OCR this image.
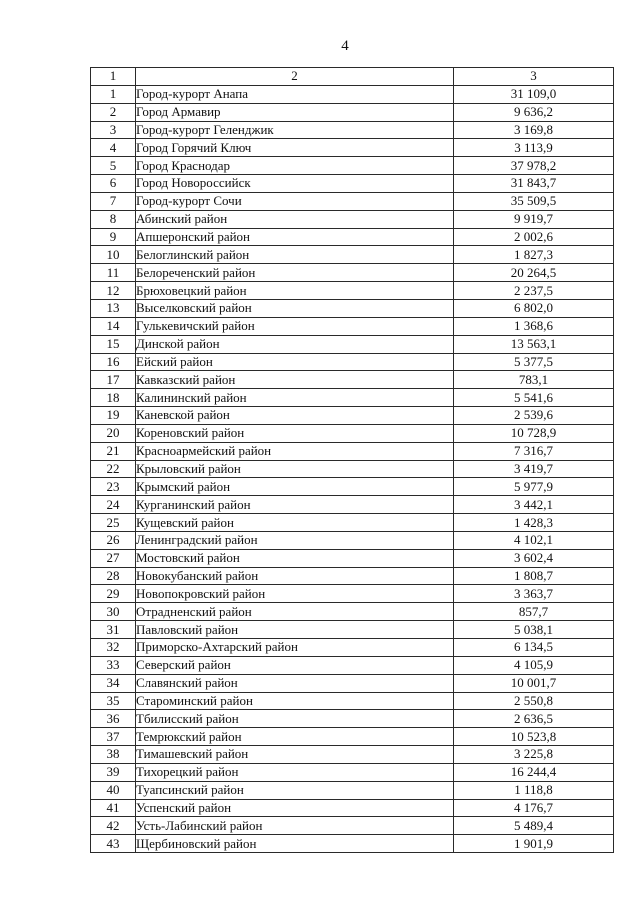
4
1	2	3
1	Город-курорт Анапа	31 109,0
2	Город Армавир	9 636,2
3	Город-курорт Геленджик	3 169,8
4	Город Горячий Ключ	3 113,9
5	Город Краснодар	37 978,2
6	Город Новороссийск	31 843,7
7	Город-курорт Сочи	35 509,5
8	Абинский район	9 919,7
9	Апшеронский район	2 002,6
10	Белоглинский район	1 827,3
11	Белореченский район	20 264,5
12	Брюховецкий район	2 237,5
13	Выселковский район	6 802,0
14	Гулькевичский район	1 368,6
15	Динской район	13 563,1
16	Ейский район	5 377,5
17	Кавказский район	783,1
18	Калининский район	5 541,6
19	Каневской район	2 539,6
20	Кореновский район	10 728,9
21	Красноармейский район	7 316,7
22	Крыловский район	3 419,7
23	Крымский район	5 977,9
24	Курганинский район	3 442,1
25	Кущевский район	1 428,3
26	Ленинградский район	4 102,1
27	Мостовский район	3 602,4
28	Новокубанский район	1 808,7
29	Новопокровский район	3 363,7
30	Отрадненский район	857,7
31	Павловский район	5 038,1
32	Приморско-Ахтарский район	6 134,5
33	Северский район	4 105,9
34	Славянский район	10 001,7
35	Староминский район	2 550,8
36	Тбилисский район	2 636,5
37	Темрюкский район	10 523,8
38	Тимашевский район	3 225,8
39	Тихорецкий район	16 244,4
40	Туапсинский район	1 118,8
41	Успенский район	4 176,7
42	Усть-Лабинский район	5 489,4
43	Щербиновский район	1 901,9
